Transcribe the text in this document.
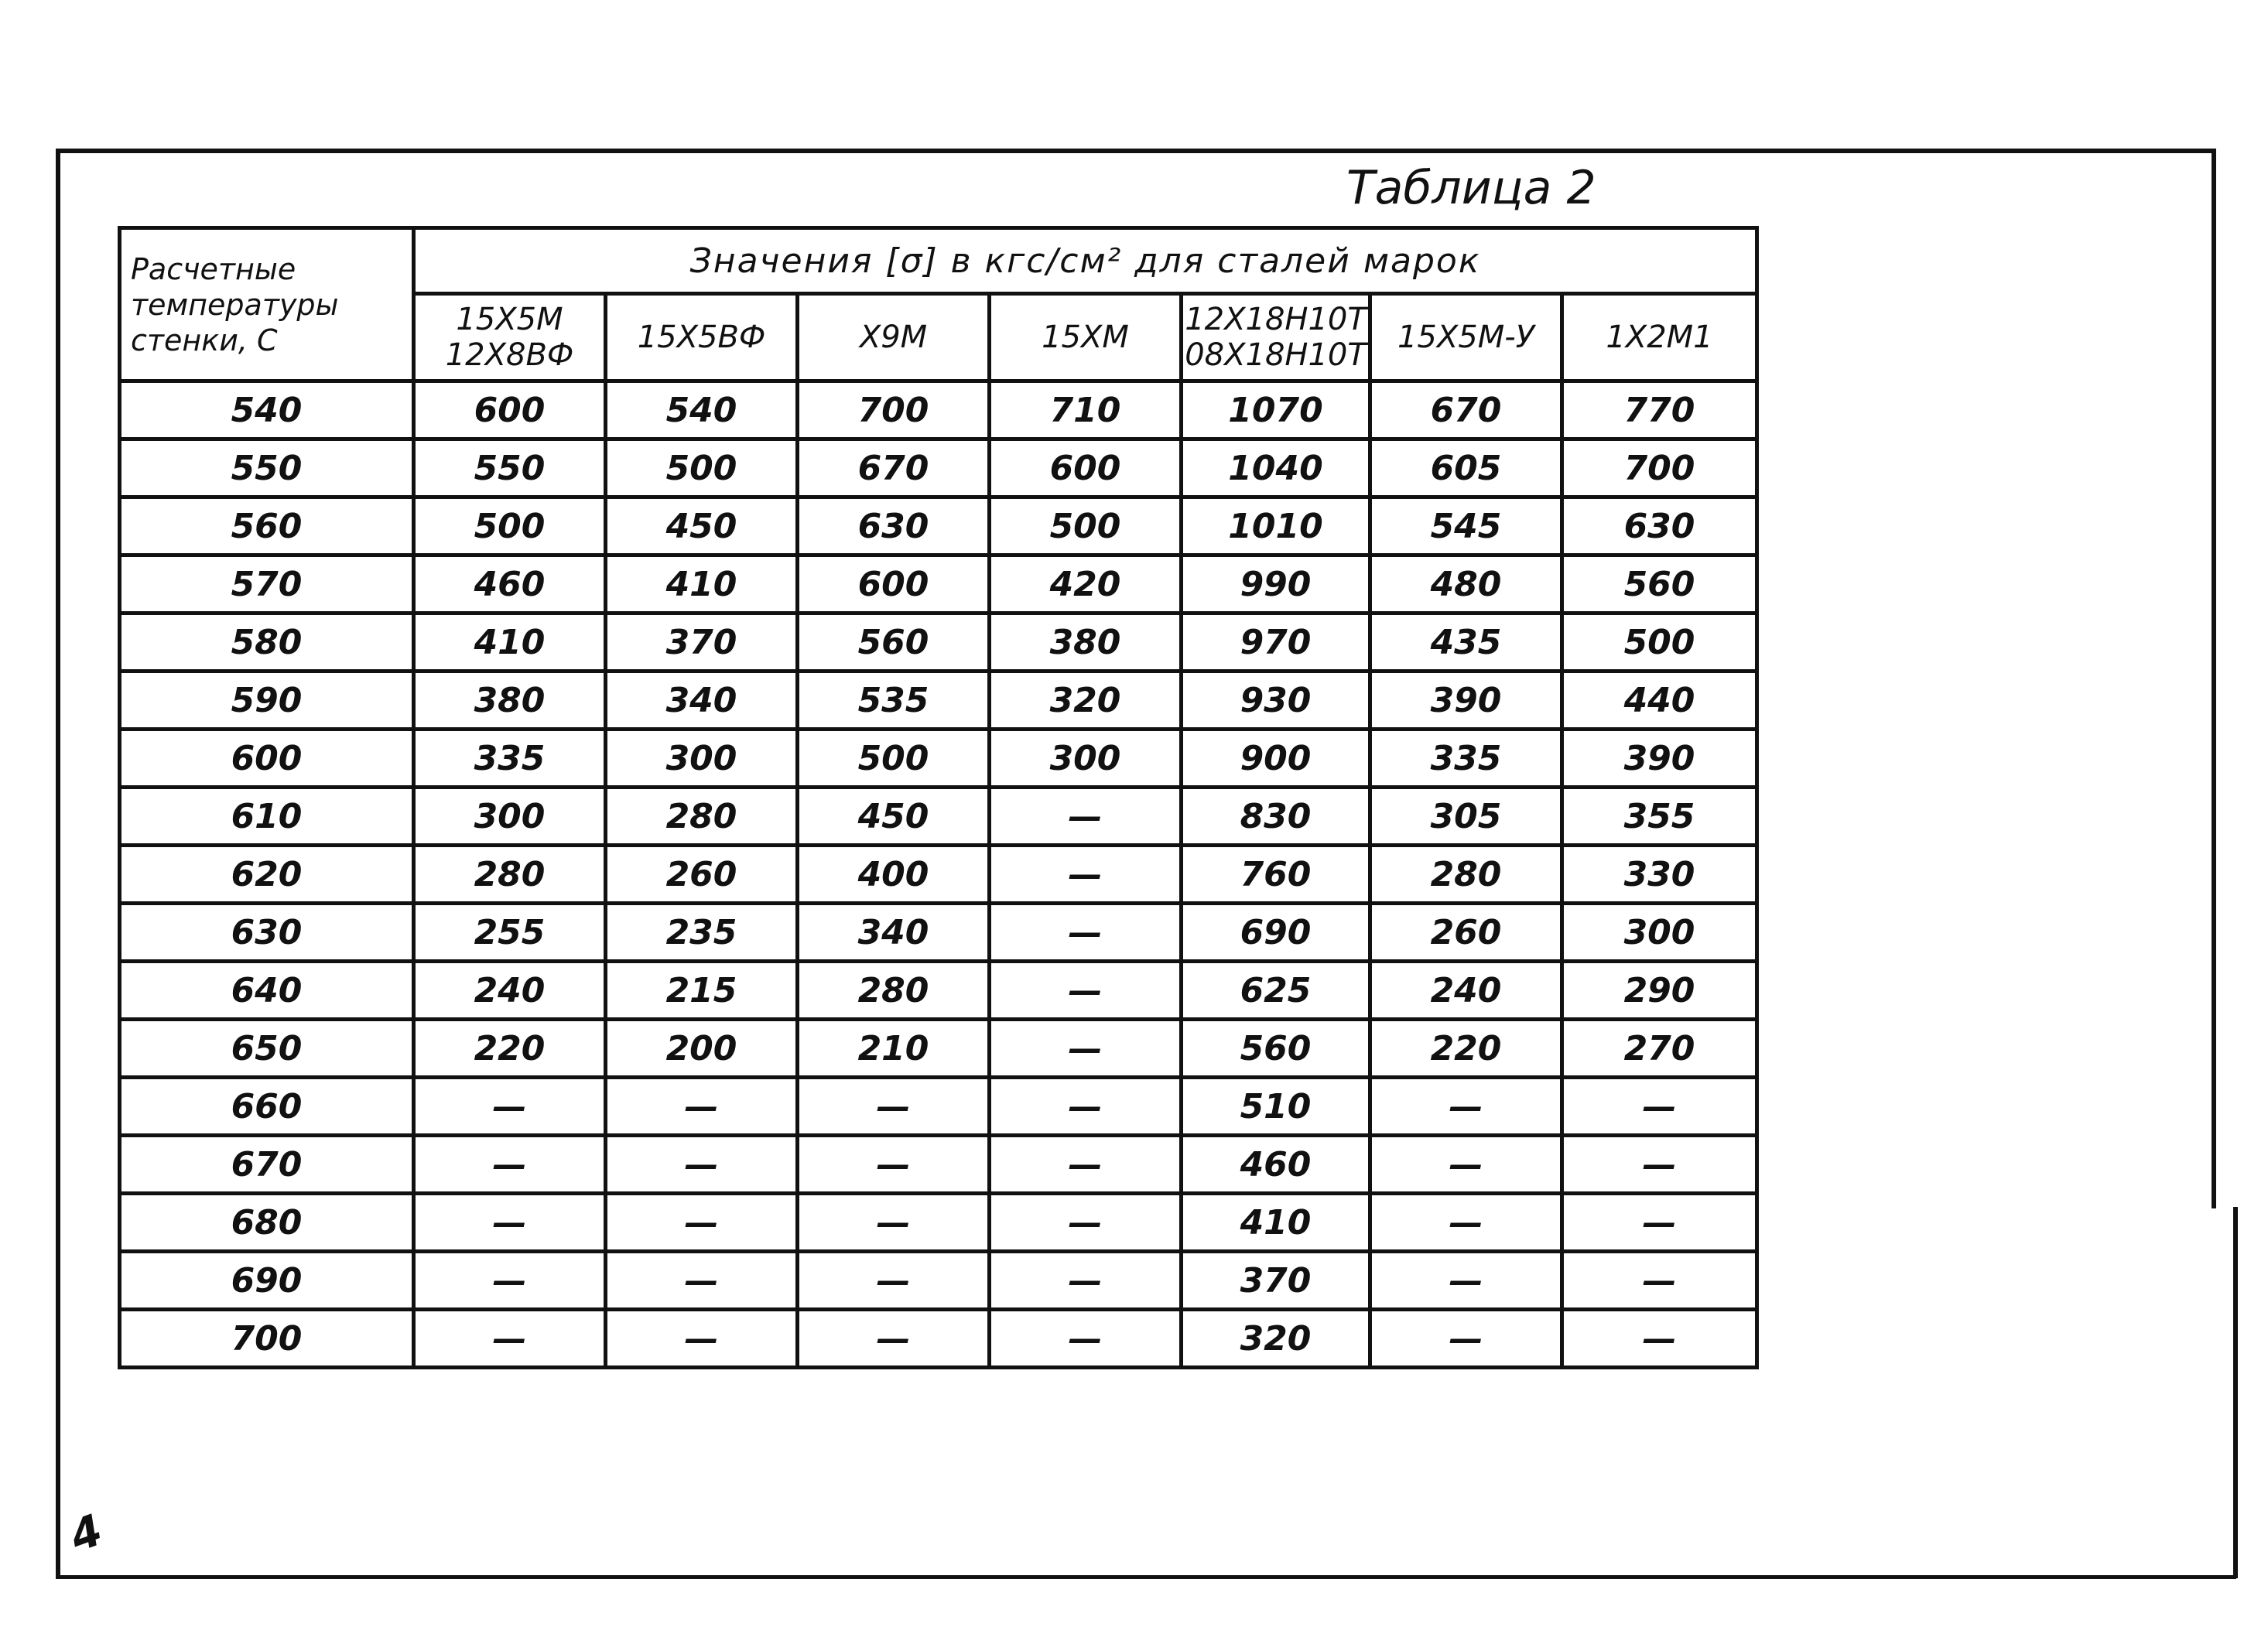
Таблица 2
Расчетные температуры стенки, С	Значения [σ] в кгс/см² для сталей марок						
	15Х5М 12Х8ВФ	15Х5ВФ	Х9М	15ХМ	12Х18Н10Т 08Х18Н10Т	15Х5М-У	1Х2М1
540	600	540	700	710	1070	670	770
550	550	500	670	600	1040	605	700
560	500	450	630	500	1010	545	630
570	460	410	600	420	990	480	560
580	410	370	560	380	970	435	500
590	380	340	535	320	930	390	440
600	335	300	500	300	900	335	390
610	300	280	450	—	830	305	355
620	280	260	400	—	760	280	330
630	255	235	340	—	690	260	300
640	240	215	280	—	625	240	290
650	220	200	210	—	560	220	270
660	—	—	—	—	510	—	—
670	—	—	—	—	460	—	—
680	—	—	—	—	410	—	—
690	—	—	—	—	370	—	—
700	—	—	—	—	320	—	—
4
